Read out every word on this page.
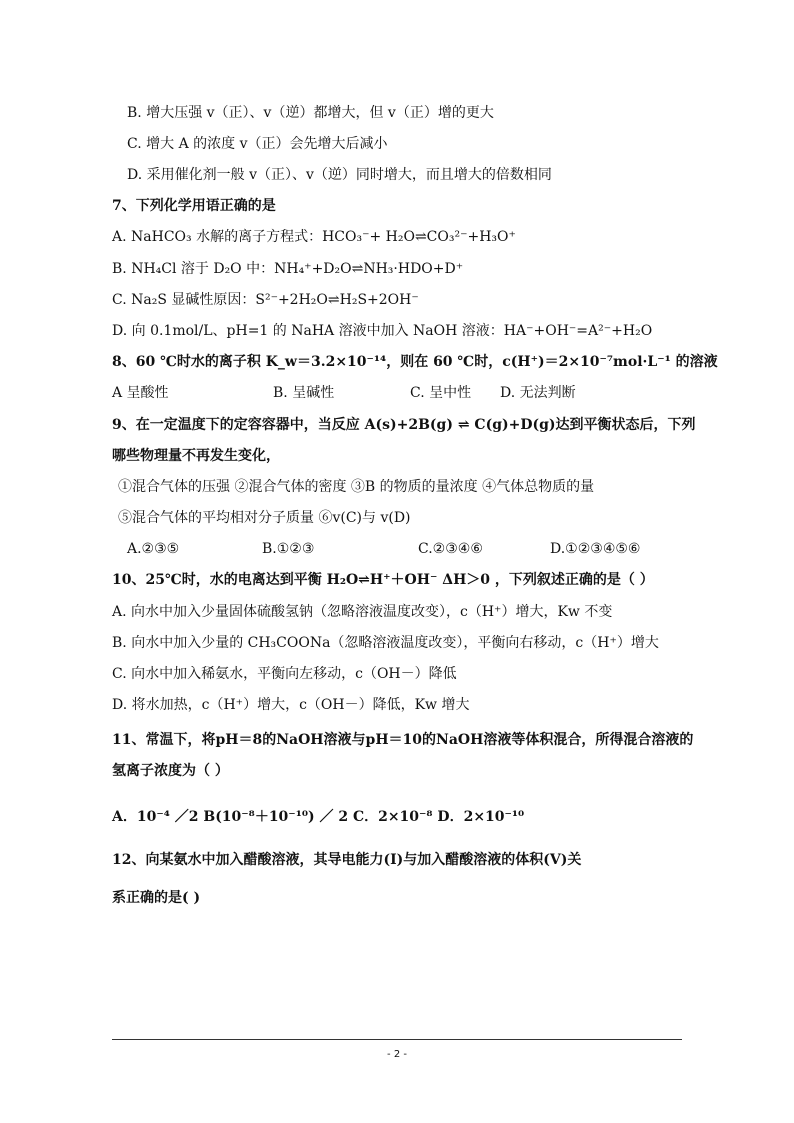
B. 增大压强 v（正）、v（逆）都增大，但 v（正）增的更大
C. 增大 A 的浓度 v（正）会先增大后减小
D. 采用催化剂一般 v（正）、v（逆）同时增大，而且增大的倍数相同
7、下列化学用语正确的是
A. NaHCO₃ 水解的离子方程式：HCO₃⁻+ H₂O⇌CO₃²⁻+H₃O⁺
B. NH₄Cl 溶于 D₂O 中：NH₄⁺+D₂O⇌NH₃·HDO+D⁺
C. Na₂S 显碱性原因：S²⁻+2H₂O⇌H₂S+2OH⁻
D. 向 0.1mol/L、pH=1 的 NaHA 溶液中加入 NaOH 溶液：HA⁻+OH⁻=A²⁻+H₂O
8、60 ℃时水的离子积 K_w＝3.2×10⁻¹⁴，则在 60 ℃时，c(H⁺)＝2×10⁻⁷mol·L⁻¹ 的溶液
A 呈酸性	B. 呈碱性	C. 呈中性 D. 无法判断
9、在一定温度下的定容容器中，当反应 A(s)+2B(g) ⇌ C(g)+D(g)达到平衡状态后，下列
哪些物理量不再发生变化，
①混合气体的压强 ②混合气体的密度 ③B 的物质的量浓度 ④气体总物质的量
⑤混合气体的平均相对分子质量 ⑥v(C)与 v(D)
A.②③⑤	B.①②③	C.②③④⑥	D.①②③④⑤⑥
10、25℃时，水的电离达到平衡 H₂O⇌H⁺＋OH⁻ ΔH＞0 ，下列叙述正确的是（ ）
A. 向水中加入少量固体硫酸氢钠（忽略溶液温度改变），c（H⁺）增大，Kw 不变
B. 向水中加入少量的 CH₃COONa（忽略溶液温度改变），平衡向右移动，c（H⁺）增大
C. 向水中加入稀氨水，平衡向左移动，c（OH－）降低
D. 将水加热，c（H⁺）增大，c（OH－）降低，Kw 增大
11、常温下，将pH＝8的NaOH溶液与pH＝10的NaOH溶液等体积混合，所得混合溶液的
氢离子浓度为（ ）
A．10⁻⁴ ／2 B(10⁻⁸＋10⁻¹⁰) ／ 2 C．2×10⁻⁸ D．2×10⁻¹⁰
12、向某氨水中加入醋酸溶液，其导电能力(I)与加入醋酸溶液的体积(V)关
系正确的是( )
- 2 -
